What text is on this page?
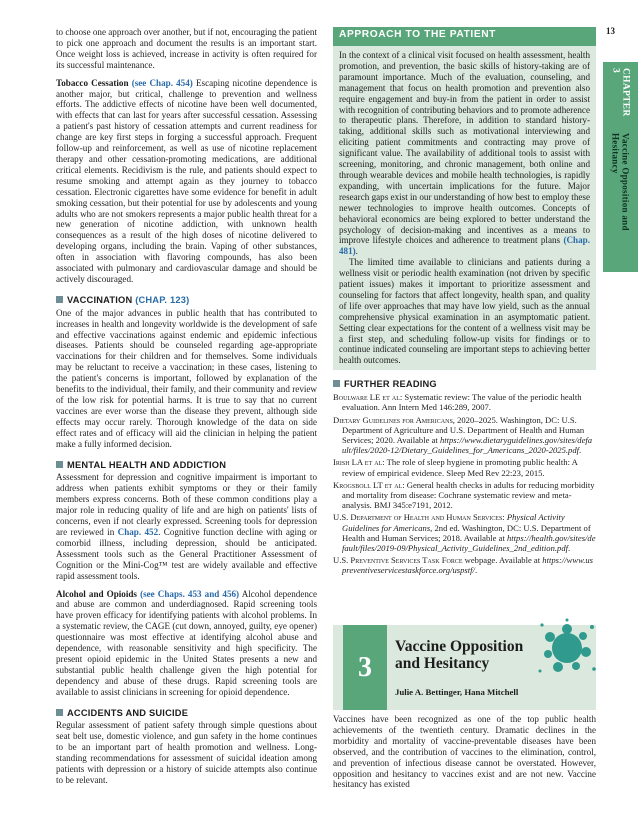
13

to choose one approach over another, but if not, encouraging the patient to pick one approach and document the results is an important start. Once weight loss is achieved, increase in activity is often required for its successful maintenance.

Tobacco Cessation (see Chap. 454) Escaping nicotine dependence is another major, but critical, challenge to prevention and wellness efforts. The addictive effects of nicotine have been well documented, with effects that can last for years after successful cessation. Assessing a patient's past history of cessation attempts and current readiness for change are key first steps in forging a successful approach. Frequent follow-up and reinforcement, as well as use of nicotine replacement therapy and other cessation-promoting medications, are additional critical elements. Recidivism is the rule, and patients should expect to resume smoking and attempt again as they journey to tobacco cessation. Electronic cigarettes have some evidence for benefit in adult smoking cessation, but their potential for use by adolescents and young adults who are not smokers represents a major public health threat for a new generation of nicotine addiction, with unknown health consequences as a result of the high doses of nicotine delivered to developing organs, including the brain. Vaping of other substances, often in association with flavoring compounds, has also been associated with pulmonary and cardiovascular damage and should be actively discouraged.

VACCINATION (CHAP. 123)

One of the major advances in public health that has contributed to increases in health and longevity worldwide is the development of safe and effective vaccinations against endemic and epidemic infectious diseases. Patients should be counseled regarding age-appropriate vaccinations for their children and for themselves. Some individuals may be reluctant to receive a vaccination; in these cases, listening to the patient's concerns is important, followed by explanation of the benefits to the individual, their family, and their community and review of the low risk for potential harms. It is true to say that no current vaccines are ever worse than the disease they prevent, although side effects may occur rarely. Thorough knowledge of the data on side effect rates and of efficacy will aid the clinician in helping the patient make a fully informed decision.

MENTAL HEALTH AND ADDICTION

Assessment for depression and cognitive impairment is important to address when patients exhibit symptoms or they or their family members express concerns. Both of these common conditions play a major role in reducing quality of life and are high on patients' lists of concerns, even if not clearly expressed. Screening tools for depression are reviewed in Chap. 452. Cognitive function decline with aging or comorbid illness, including depression, should be anticipated. Assessment tools such as the General Practitioner Assessment of Cognition or the Mini-Cog™ test are widely available and effective rapid assessment tools.

Alcohol and Opioids (see Chaps. 453 and 456) Alcohol dependence and abuse are common and underdiagnosed. Rapid screening tools have proven efficacy for identifying patients with alcohol problems. In a systematic review, the CAGE (cut down, annoyed, guilty, eye opener) questionnaire was most effective at identifying alcohol abuse and dependence, with reasonable sensitivity and high specificity. The present opioid epidemic in the United States presents a new and substantial public health challenge given the high potential for dependency and abuse of these drugs. Rapid screening tools are available to assist clinicians in screening for opioid dependence.

ACCIDENTS AND SUICIDE

Regular assessment of patient safety through simple questions about seat belt use, domestic violence, and gun safety in the home continues to be an important part of health promotion and wellness. Long-standing recommendations for assessment of suicidal ideation among patients with depression or a history of suicide attempts also continue to be relevant.

APPROACH TO THE PATIENT

In the context of a clinical visit focused on health assessment, health promotion, and prevention, the basic skills of history-taking are of paramount importance. Much of the evaluation, counseling, and management that focus on health promotion and prevention also require engagement and buy-in from the patient in order to assist with recognition of contributing behaviors and to promote adherence to therapeutic plans. Therefore, in addition to standard history-taking, additional skills such as motivational interviewing and eliciting patient commitments and contracting may prove of significant value. The availability of additional tools to assist with screening, monitoring, and chronic management, both online and through wearable devices and mobile health technologies, is rapidly expanding, with uncertain implications for the future. Major research gaps exist in our understanding of how best to employ these newer technologies to improve health outcomes. Concepts of behavioral economics are being explored to better understand the psychology of decision-making and incentives as a means to improve lifestyle choices and adherence to treatment plans (Chap. 481).

The limited time available to clinicians and patients during a wellness visit or periodic health examination (not driven by specific patient issues) makes it important to prioritize assessment and counseling for factors that affect longevity, health span, and quality of life over approaches that may have low yield, such as the annual comprehensive physical examination in an asymptomatic patient. Setting clear expectations for the content of a wellness visit may be a first step, and scheduling follow-up visits for findings or to continue indicated counseling are important steps to achieving better health outcomes.

FURTHER READING

Boulware LE et al: Systematic review: The value of the periodic health evaluation. Ann Intern Med 146:289, 2007.

Dietary Guidelines for Americans, 2020–2025. Washington, DC: U.S. Department of Agriculture and U.S. Department of Health and Human Services; 2020. Available at https://www.dietaryguidelines.gov/sites/default/files/2020-12/Dietary_Guidelines_for_Americans_2020-2025.pdf.

Irish LA et al: The role of sleep hygiene in promoting public health: A review of empirical evidence. Sleep Med Rev 22:23, 2015.

Krogsboll LT et al: General health checks in adults for reducing morbidity and mortality from disease: Cochrane systematic review and meta-analysis. BMJ 345:e7191, 2012.

U.S. Department of Health and Human Services: Physical Activity Guidelines for Americans, 2nd ed. Washington, DC: U.S. Department of Health and Human Services; 2018. Available at https://health.gov/sites/default/files/2019-09/Physical_Activity_Guidelines_2nd_edition.pdf.

U.S. Preventive Services Task Force webpage. Available at https://www.uspreventiveservicestaskforce.org/uspstf/.

3
Vaccine Opposition and Hesitancy
Julie A. Bettinger, Hana Mitchell

Vaccines have been recognized as one of the top public health achievements of the twentieth century. Dramatic declines in the morbidity and mortality of vaccine-preventable diseases have been observed, and the contribution of vaccines to the elimination, control, and prevention of infectious disease cannot be overstated. However, opposition and hesitancy to vaccines exist and are not new. Vaccine hesitancy has existed

CHAPTER 3
Vaccine Opposition and Hesitancy
